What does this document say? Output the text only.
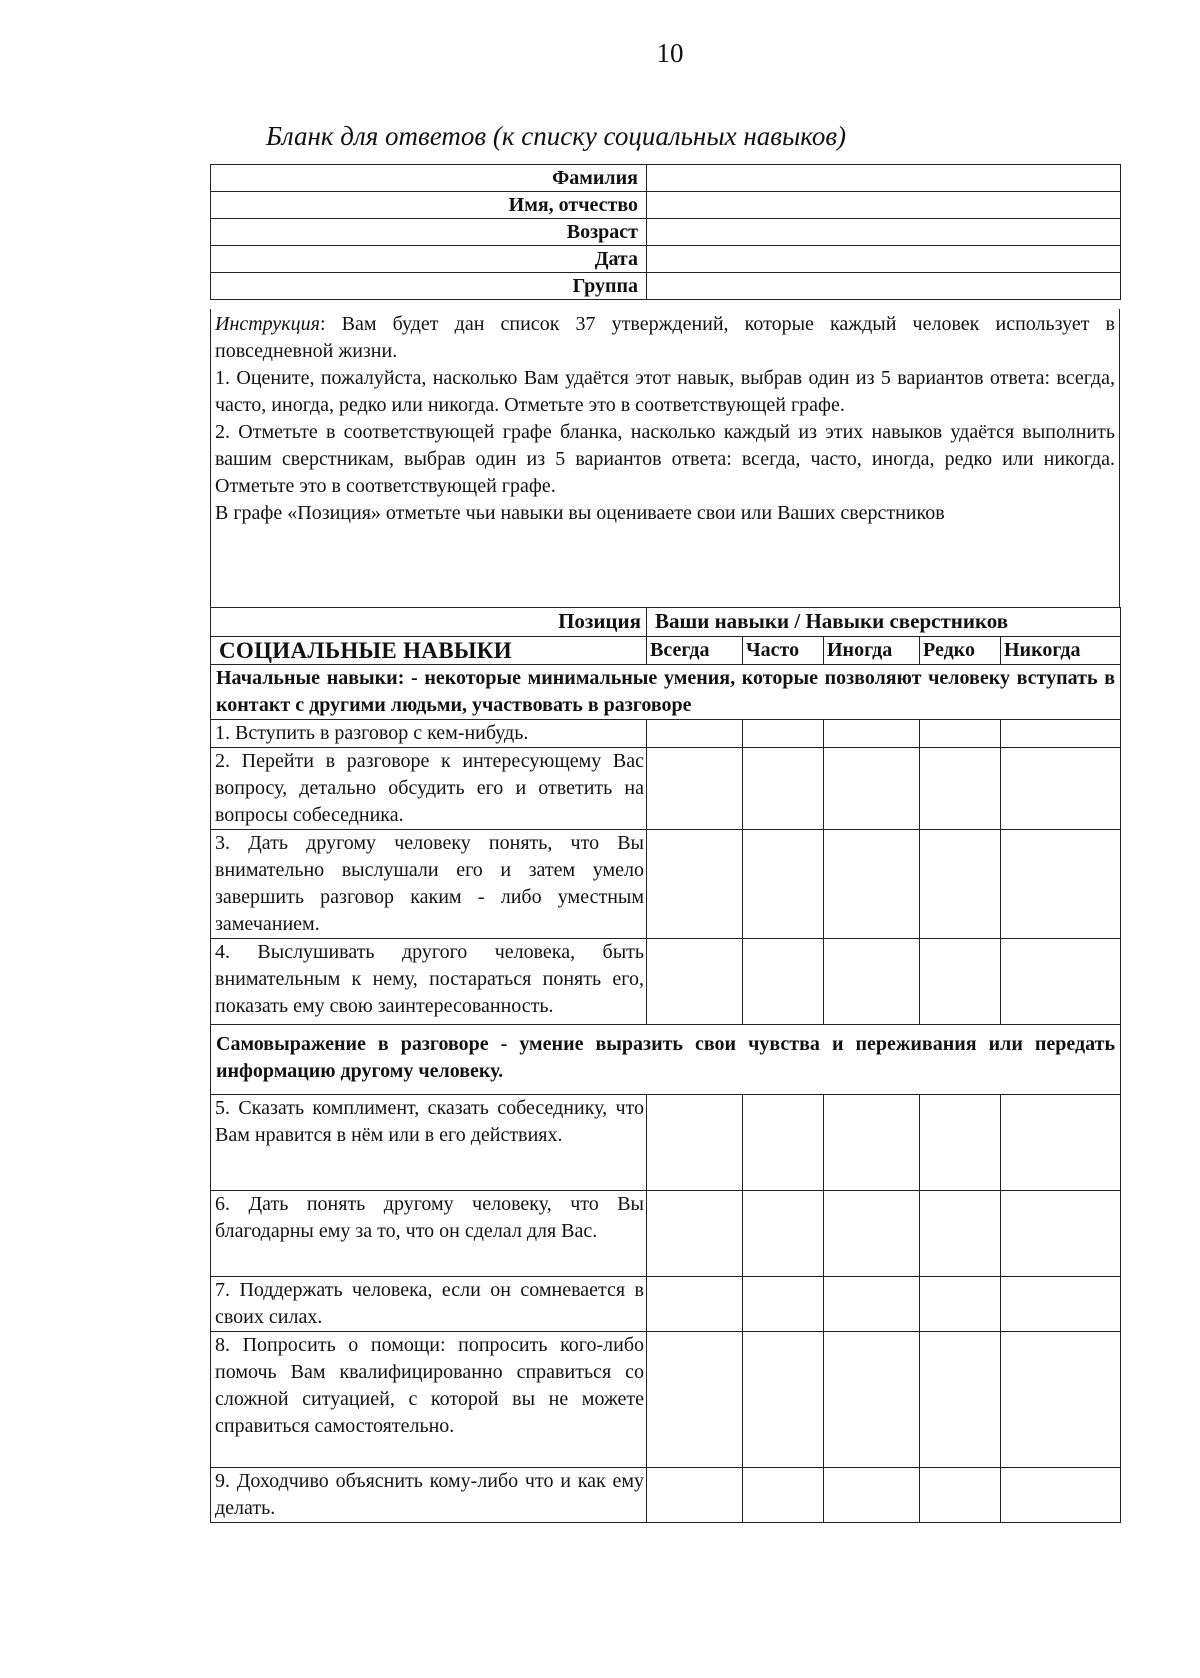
10
Бланк для ответов (к списку социальных навыков)
Фамилия	
Имя, отчество	
Возраст	
Дата	
Группа	

Инструкция: Вам будет дан список 37 утверждений, которые каждый человек использует в повседневной жизни.

1. Оцените, пожалуйста, насколько Вам удаётся этот навык, выбрав один из 5 вариантов ответа: всегда, часто, иногда, редко или никогда. Отметьте это в соответствующей графе.

2. Отметьте в соответствующей графе бланка, насколько каждый из этих навыков удаётся выполнить вашим сверстникам, выбрав один из 5 вариантов ответа: всегда, часто, иногда, редко или никогда. Отметьте это в соответствующей графе.

В графе «Позиция» отметьте чьи навыки вы оцениваете свои или Ваших сверстников

Позиция	Ваши навыки / Навыки сверстников				
СОЦИАЛЬНЫЕ НАВЫКИ	Всегда	Часто	Иногда	Редко	Никогда
Начальные навыки: - некоторые минимальные умения, которые позволяют человеку вступать в контакт с другими людьми, участвовать в разговоре					
1. Вступить в разговор с кем-нибудь.					
2. Перейти в разговоре к интересующему Вас вопросу, детально обсудить его и ответить на вопросы собеседника.					
3. Дать другому человеку понять, что Вы внимательно выслушали его и затем умело завершить разговор каким - либо уместным замечанием.					
4. Выслушивать другого человека, быть внимательным к нему, постараться понять его, показать ему свою заинтересованность.					
Самовыражение в разговоре - умение выразить свои чувства и переживания или передать информацию другому человеку.					
5. Сказать комплимент, сказать собеседнику, что Вам нравится в нём или в его действиях.					
6. Дать понять другому человеку, что Вы благодарны ему за то, что он сделал для Вас.					
7. Поддержать человека, если он сомневается в своих силах.					
8. Попросить о помощи: попросить кого-либо помочь Вам квалифицированно справиться со сложной ситуацией, с которой вы не можете справиться самостоятельно.					
9. Доходчиво объяснить кому-либо что и как ему делать.					
